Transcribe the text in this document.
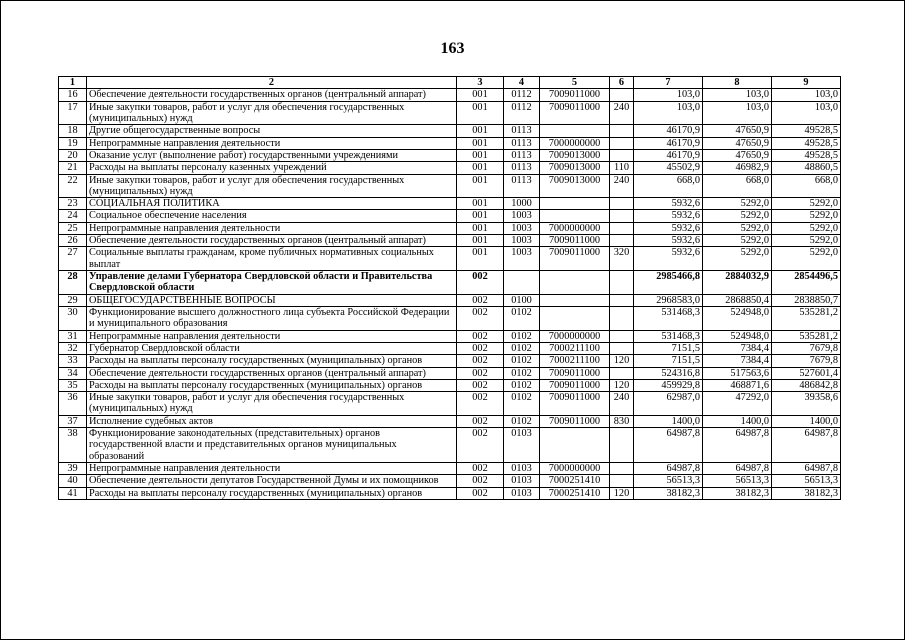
163
1	2	3	4	5	6	7	8	9
16	Обеспечение деятельности государственных органов (центральный аппарат)	001	0112	7009011000		103,0	103,0	103,0
17	Иные закупки товаров, работ и услуг для обеспечения государственных (муниципальных) нужд	001	0112	7009011000	240	103,0	103,0	103,0
18	Другие общегосударственные вопросы	001	0113			46170,9	47650,9	49528,5
19	Непрограммные направления деятельности	001	0113	7000000000		46170,9	47650,9	49528,5
20	Оказание услуг (выполнение работ) государственными учреждениями	001	0113	7009013000		46170,9	47650,9	49528,5
21	Расходы на выплаты персоналу казенных учреждений	001	0113	7009013000	110	45502,9	46982,9	48860,5
22	Иные закупки товаров, работ и услуг для обеспечения государственных (муниципальных) нужд	001	0113	7009013000	240	668,0	668,0	668,0
23	СОЦИАЛЬНАЯ ПОЛИТИКА	001	1000			5932,6	5292,0	5292,0
24	Социальное обеспечение населения	001	1003			5932,6	5292,0	5292,0
25	Непрограммные направления деятельности	001	1003	7000000000		5932,6	5292,0	5292,0
26	Обеспечение деятельности государственных органов (центральный аппарат)	001	1003	7009011000		5932,6	5292,0	5292,0
27	Социальные выплаты гражданам, кроме публичных нормативных социальных выплат	001	1003	7009011000	320	5932,6	5292,0	5292,0
28	Управление делами Губернатора Свердловской области и Правительства Свердловской области	002				2985466,8	2884032,9	2854496,5
29	ОБЩЕГОСУДАРСТВЕННЫЕ ВОПРОСЫ	002	0100			2968583,0	2868850,4	2838850,7
30	Функционирование высшего должностного лица субъекта Российской Федерации и муниципального образования	002	0102			531468,3	524948,0	535281,2
31	Непрограммные направления деятельности	002	0102	7000000000		531468,3	524948,0	535281,2
32	Губернатор Свердловской области	002	0102	7000211100		7151,5	7384,4	7679,8
33	Расходы на выплаты персоналу государственных (муниципальных) органов	002	0102	7000211100	120	7151,5	7384,4	7679,8
34	Обеспечение деятельности государственных органов (центральный аппарат)	002	0102	7009011000		524316,8	517563,6	527601,4
35	Расходы на выплаты персоналу государственных (муниципальных) органов	002	0102	7009011000	120	459929,8	468871,6	486842,8
36	Иные закупки товаров, работ и услуг для обеспечения государственных (муниципальных) нужд	002	0102	7009011000	240	62987,0	47292,0	39358,6
37	Исполнение судебных актов	002	0102	7009011000	830	1400,0	1400,0	1400,0
38	Функционирование законодательных (представительных) органов государственной власти и представительных органов муниципальных образований	002	0103			64987,8	64987,8	64987,8
39	Непрограммные направления деятельности	002	0103	7000000000		64987,8	64987,8	64987,8
40	Обеспечение деятельности депутатов Государственной Думы и их помощников	002	0103	7000251410		56513,3	56513,3	56513,3
41	Расходы на выплаты персоналу государственных (муниципальных) органов	002	0103	7000251410	120	38182,3	38182,3	38182,3
